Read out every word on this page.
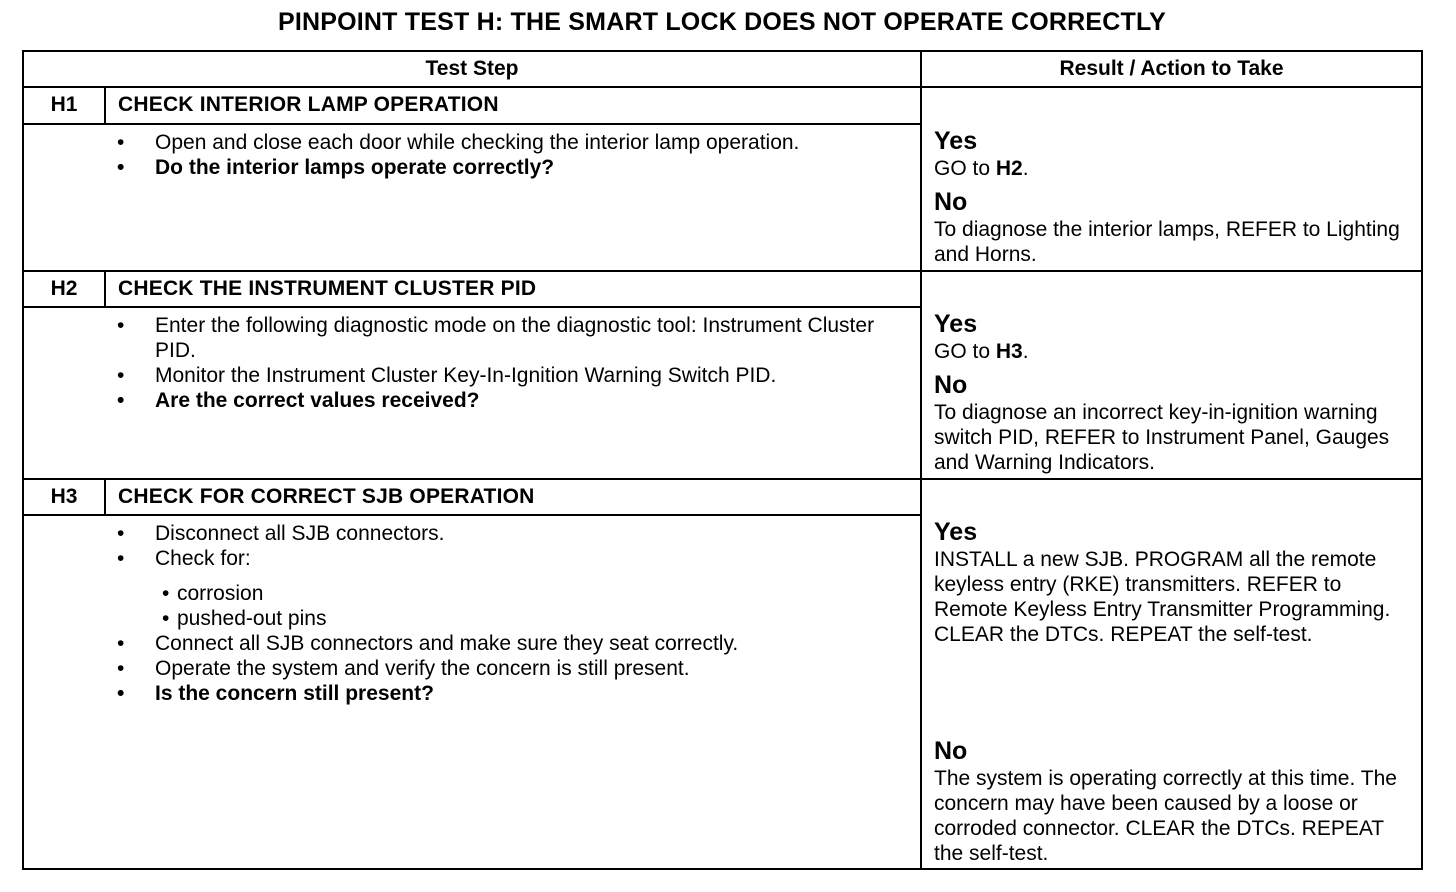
PINPOINT TEST H: THE SMART LOCK DOES NOT OPERATE CORRECTLY
Test Step	Result / Action to Take
H1	CHECK INTERIOR LAMP OPERATION
• Open and close each door while checking the interior lamp operation.
• Do the interior lamps operate correctly?
Yes
GO to H2.
No
To diagnose the interior lamps, REFER to Lighting and Horns.
H2	CHECK THE INSTRUMENT CLUSTER PID
• Enter the following diagnostic mode on the diagnostic tool: Instrument Cluster PID.
• Monitor the Instrument Cluster Key-In-Ignition Warning Switch PID.
• Are the correct values received?
Yes
GO to H3.
No
To diagnose an incorrect key-in-ignition warning switch PID, REFER to Instrument Panel, Gauges and Warning Indicators.
H3	CHECK FOR CORRECT SJB OPERATION
• Disconnect all SJB connectors.
• Check for:
• corrosion
• pushed-out pins
• Connect all SJB connectors and make sure they seat correctly.
• Operate the system and verify the concern is still present.
• Is the concern still present?
Yes
INSTALL a new SJB. PROGRAM all the remote keyless entry (RKE) transmitters. REFER to Remote Keyless Entry Transmitter Programming. CLEAR the DTCs. REPEAT the self-test.
No
The system is operating correctly at this time. The concern may have been caused by a loose or corroded connector. CLEAR the DTCs. REPEAT the self-test.
